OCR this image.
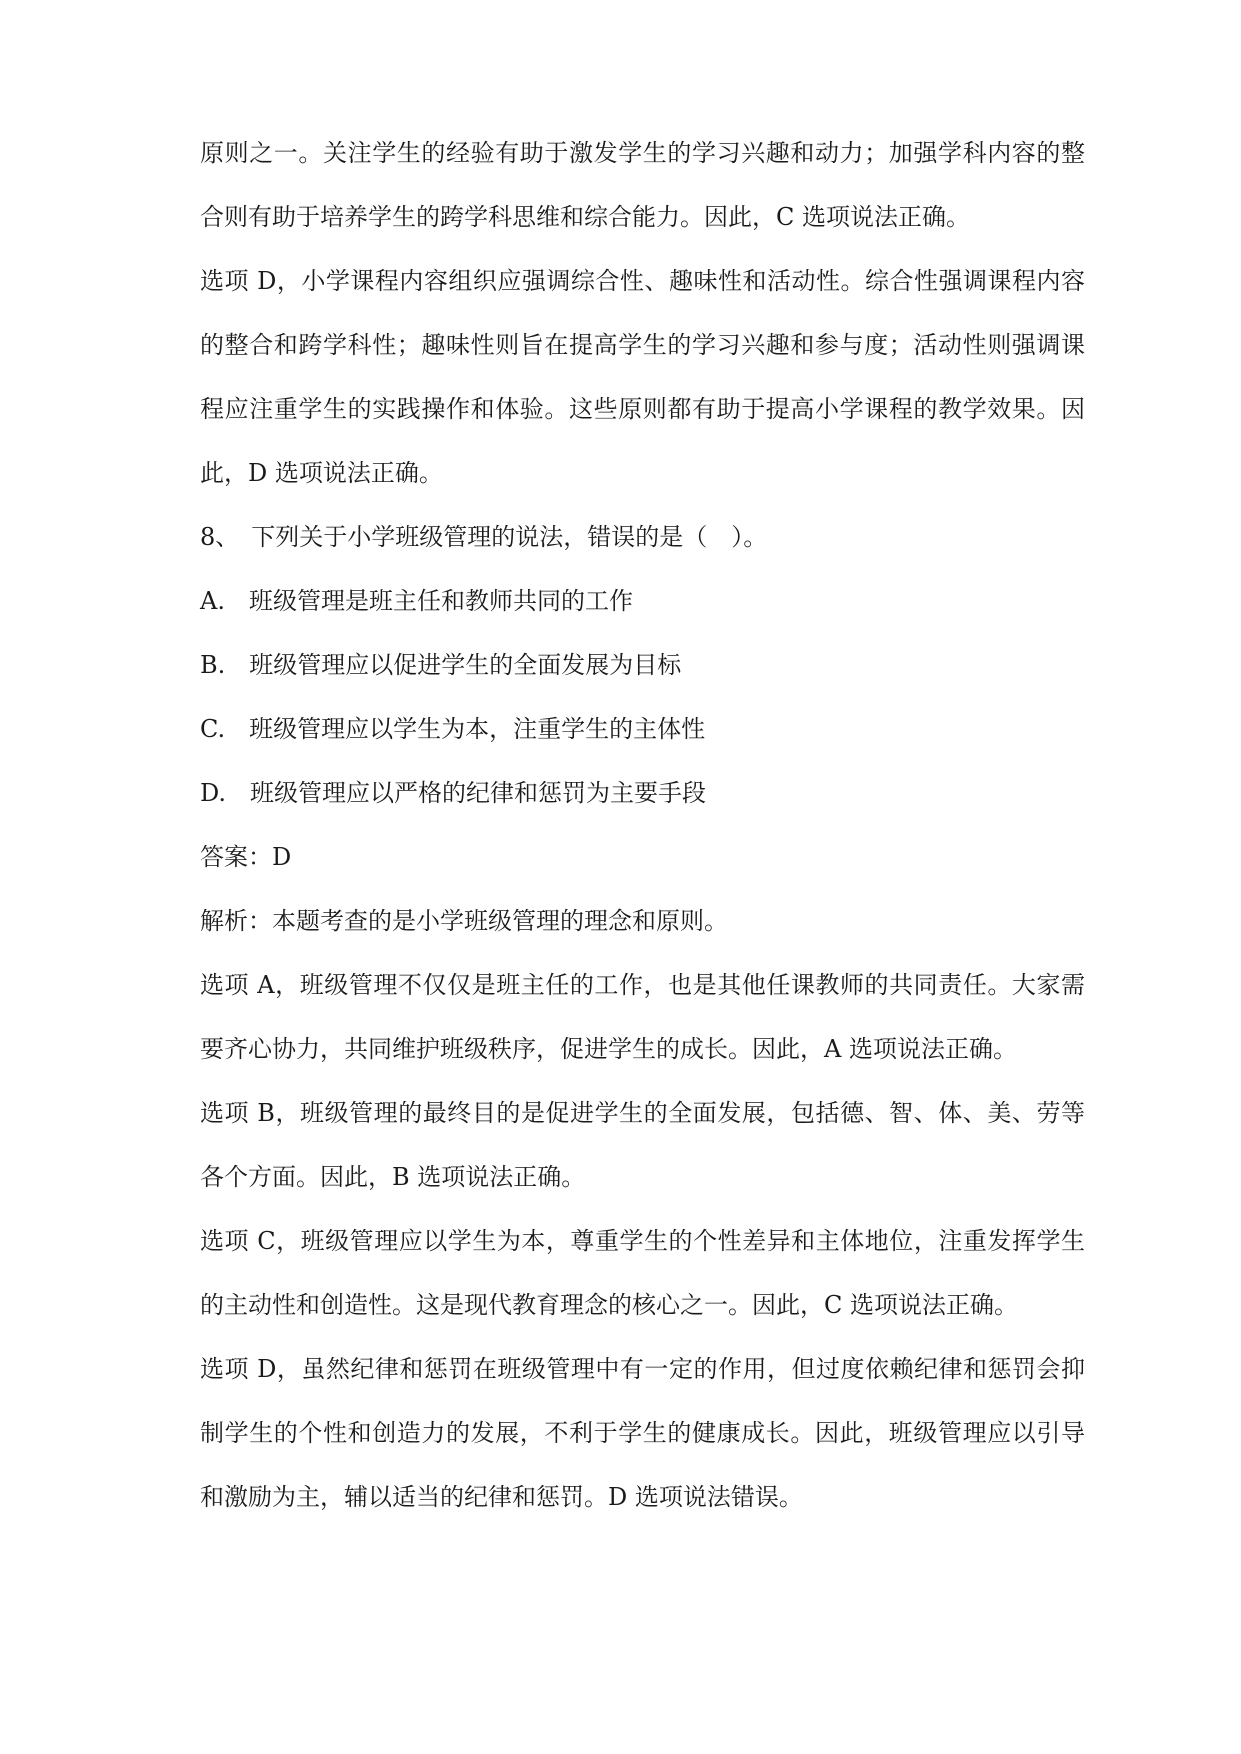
原则之一。关注学生的经验有助于激发学生的学习兴趣和动力；加强学科内容的整
合则有助于培养学生的跨学科思维和综合能力。因此，C 选项说法正确。
选项 D，小学课程内容组织应强调综合性、趣味性和活动性。综合性强调课程内容
的整合和跨学科性；趣味性则旨在提高学生的学习兴趣和参与度；活动性则强调课
程应注重学生的实践操作和体验。这些原则都有助于提高小学课程的教学效果。因
此，D 选项说法正确。
8、　下列关于小学班级管理的说法，错误的是（　）。
A.　班级管理是班主任和教师共同的工作
B.　班级管理应以促进学生的全面发展为目标
C.　班级管理应以学生为本，注重学生的主体性
D.　班级管理应以严格的纪律和惩罚为主要手段
答案：D
解析：本题考查的是小学班级管理的理念和原则。
选项 A，班级管理不仅仅是班主任的工作，也是其他任课教师的共同责任。大家需
要齐心协力，共同维护班级秩序，促进学生的成长。因此，A 选项说法正确。
选项 B，班级管理的最终目的是促进学生的全面发展，包括德、智、体、美、劳等
各个方面。因此，B 选项说法正确。
选项 C，班级管理应以学生为本，尊重学生的个性差异和主体地位，注重发挥学生
的主动性和创造性。这是现代教育理念的核心之一。因此，C 选项说法正确。
选项 D，虽然纪律和惩罚在班级管理中有一定的作用，但过度依赖纪律和惩罚会抑
制学生的个性和创造力的发展，不利于学生的健康成长。因此，班级管理应以引导
和激励为主，辅以适当的纪律和惩罚。D 选项说法错误。
